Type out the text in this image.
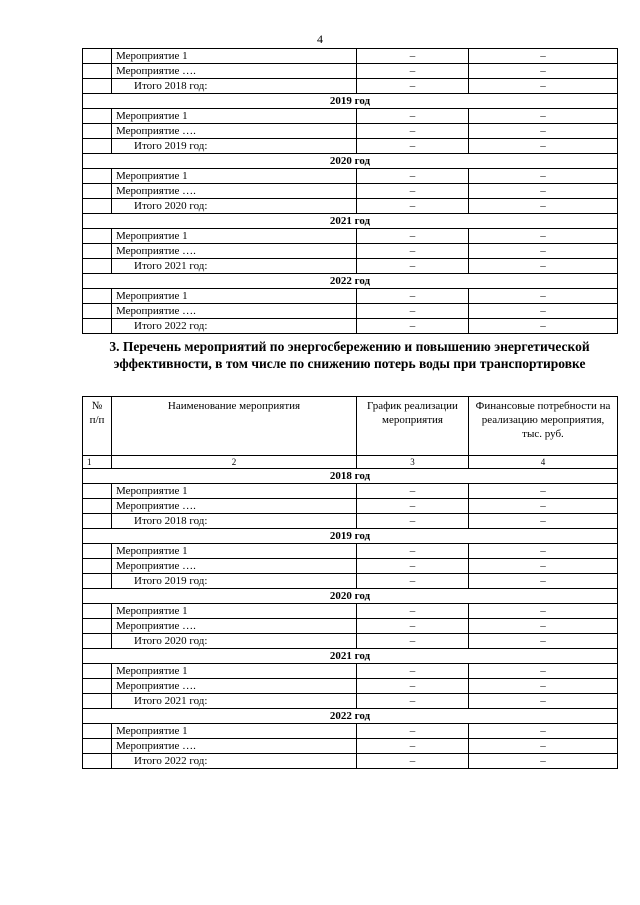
4
	Мероприятие 1	–	–
	Мероприятие ….	–	–
	Итого 2018 год:	–	–
2019 год			
	Мероприятие 1	–	–
	Мероприятие ….	–	–
	Итого 2019 год:	–	–
2020 год			
	Мероприятие 1	–	–
	Мероприятие ….	–	–
	Итого 2020 год:	–	–
2021 год			
	Мероприятие 1	–	–
	Мероприятие ….	–	–
	Итого 2021 год:	–	–
2022 год			
	Мероприятие 1	–	–
	Мероприятие ….	–	–
	Итого 2022 год:	–	–

3. Перечень мероприятий по энергосбережению и повышению энергетической эффективности, в том числе по снижению потерь воды при транспортировке

№ п/п	Наименование мероприятия	График реализации мероприятия	Финансовые потребности на реализацию мероприятия, тыс. руб.
1	2	3	4
2018 год			
	Мероприятие 1	–	–
	Мероприятие ….	–	–
	Итого 2018 год:	–	–
2019 год			
	Мероприятие 1	–	–
	Мероприятие ….	–	–
	Итого 2019 год:	–	–
2020 год			
	Мероприятие 1	–	–
	Мероприятие ….	–	–
	Итого 2020 год:	–	–
2021 год			
	Мероприятие 1	–	–
	Мероприятие ….	–	–
	Итого 2021 год:	–	–
2022 год			
	Мероприятие 1	–	–
	Мероприятие ….	–	–
	Итого 2022 год:	–	–
